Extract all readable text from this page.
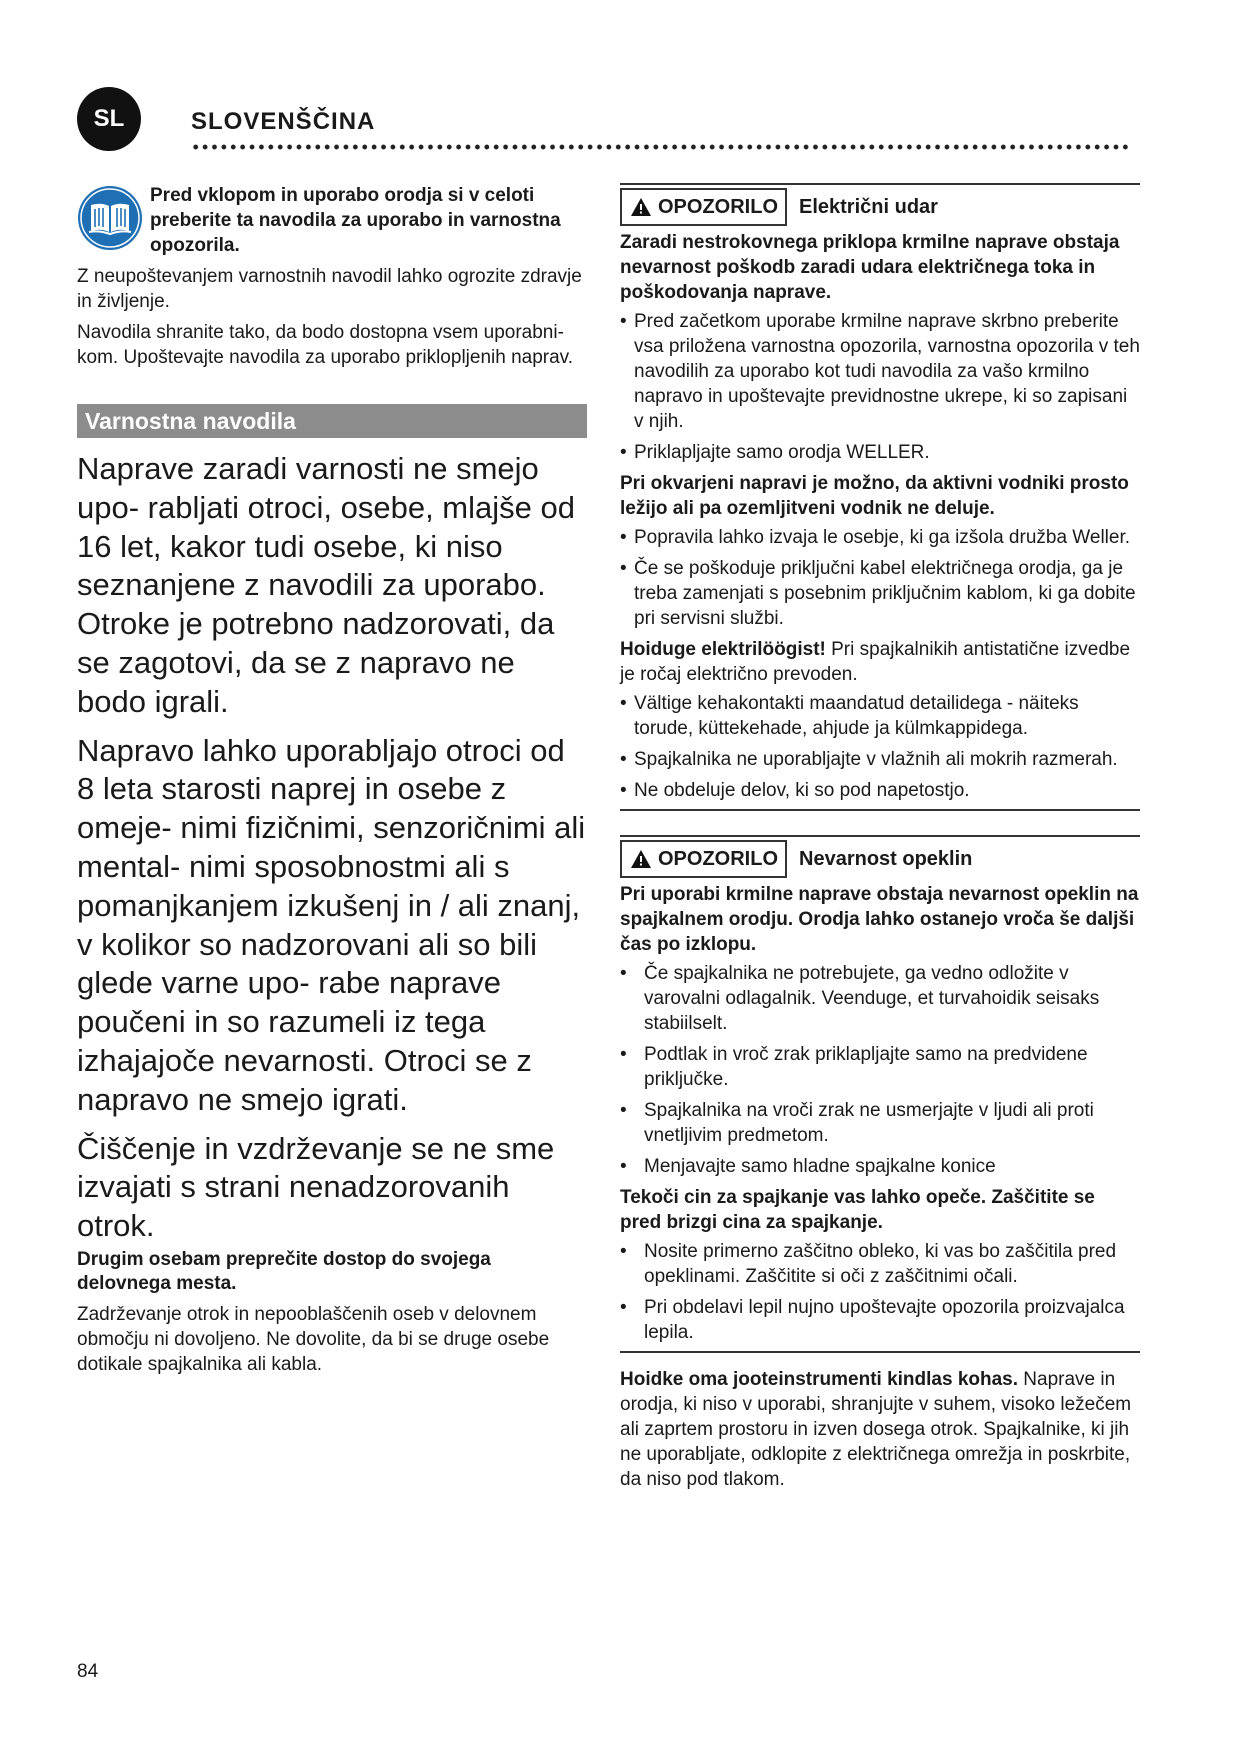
SL	SLOVENŠČINA

Pred vklopom in uporabo orodja si v celoti preberite ta navodila za uporabo in varnostna opozorila.

Z neupoštevanjem varnostnih navodil lahko ogrozite zdravje in življenje.

Navodila shranite tako, da bodo dostopna vsem uporabni- kom. Upoštevajte navodila za uporabo priklopljenih naprav.

Varnostna navodila

Naprave zaradi varnosti ne smejo upo- rabljati otroci, osebe, mlajše od 16 let, kakor tudi osebe, ki niso seznanjene z navodili za uporabo. Otroke je potrebno nadzorovati, da se zagotovi, da se z napravo ne bodo igrali.

Napravo lahko uporabljajo otroci od 8 leta starosti naprej in osebe z omeje- nimi fizičnimi, senzoričnimi ali mental- nimi sposobnostmi ali s pomanjkanjem izkušenj in / ali znanj, v kolikor so nadzorovani ali so bili glede varne upo- rabe naprave poučeni in so razumeli iz tega izhajajoče nevarnosti. Otroci se z napravo ne smejo igrati.

Čiščenje in vzdrževanje se ne sme izvajati s strani nenadzorovanih otrok.

Drugim osebam preprečite dostop do svojega delovnega mesta.

Zadrževanje otrok in nepooblaščenih oseb v delovnem območju ni dovoljeno. Ne dovolite, da bi se druge osebe dotikale spajkalnika ali kabla.

OPOZORILO Električni udar

Zaradi nestrokovnega priklopa krmilne naprave obstaja nevarnost poškodb zaradi udara električnega toka in poškodovanja naprave.

• Pred začetkom uporabe krmilne naprave skrbno preberite vsa priložena varnostna opozorila, varnostna opozorila v teh navodilih za uporabo kot tudi navodila za vašo krmilno napravo in upoštevajte previdnostne ukrepe, ki so zapisani v njih.
• Priklapljajte samo orodja WELLER.

Pri okvarjeni napravi je možno, da aktivni vodniki prosto ležijo ali pa ozemljitveni vodnik ne deluje.

• Popravila lahko izvaja le osebje, ki ga izšola družba Weller.
• Če se poškoduje priključni kabel električnega orodja, ga je treba zamenjati s posebnim priključnim kablom, ki ga dobite pri servisni službi.

Hoiduge elektrilöögist! Pri spajkalnikih antistatične izvedbe je ročaj električno prevoden.

• Vältige kehakontakti maandatud detailidega - näiteks torude, küttekehade, ahjude ja külmkappidega.
• Spajkalnika ne uporabljajte v vlažnih ali mokrih razmerah.
• Ne obdeluje delov, ki so pod napetostjo.
OPOZORILO Nevarnost opeklin

Pri uporabi krmilne naprave obstaja nevarnost opeklin na spajkalnem orodju. Orodja lahko ostanejo vroča še daljši čas po izklopu.

• Če spajkalnika ne potrebujete, ga vedno odložite v varovalni odlagalnik. Veenduge, et turvahoidik seisaks stabiilselt.
• Podtlak in vroč zrak priklapljajte samo na predvidene priključke.
• Spajkalnika na vroči zrak ne usmerjajte v ljudi ali proti vnetljivim predmetom.
• Menjavajte samo hladne spajkalne konice

Tekoči cin za spajkanje vas lahko opeče. Zaščitite se pred brizgi cina za spajkanje.

• Nosite primerno zaščitno obleko, ki vas bo zaščitila pred opeklinami. Zaščitite si oči z zaščitnimi očali.
• Pri obdelavi lepil nujno upoštevajte opozorila proizvajalca lepila.

Hoidke oma jooteinstrumenti kindlas kohas. Naprave in orodja, ki niso v uporabi, shranjujte v suhem, visoko ležečem ali zaprtem prostoru in izven dosega otrok. Spajkalnike, ki jih ne uporabljate, odklopite z električnega omrežja in poskrbite, da niso pod tlakom.

84
